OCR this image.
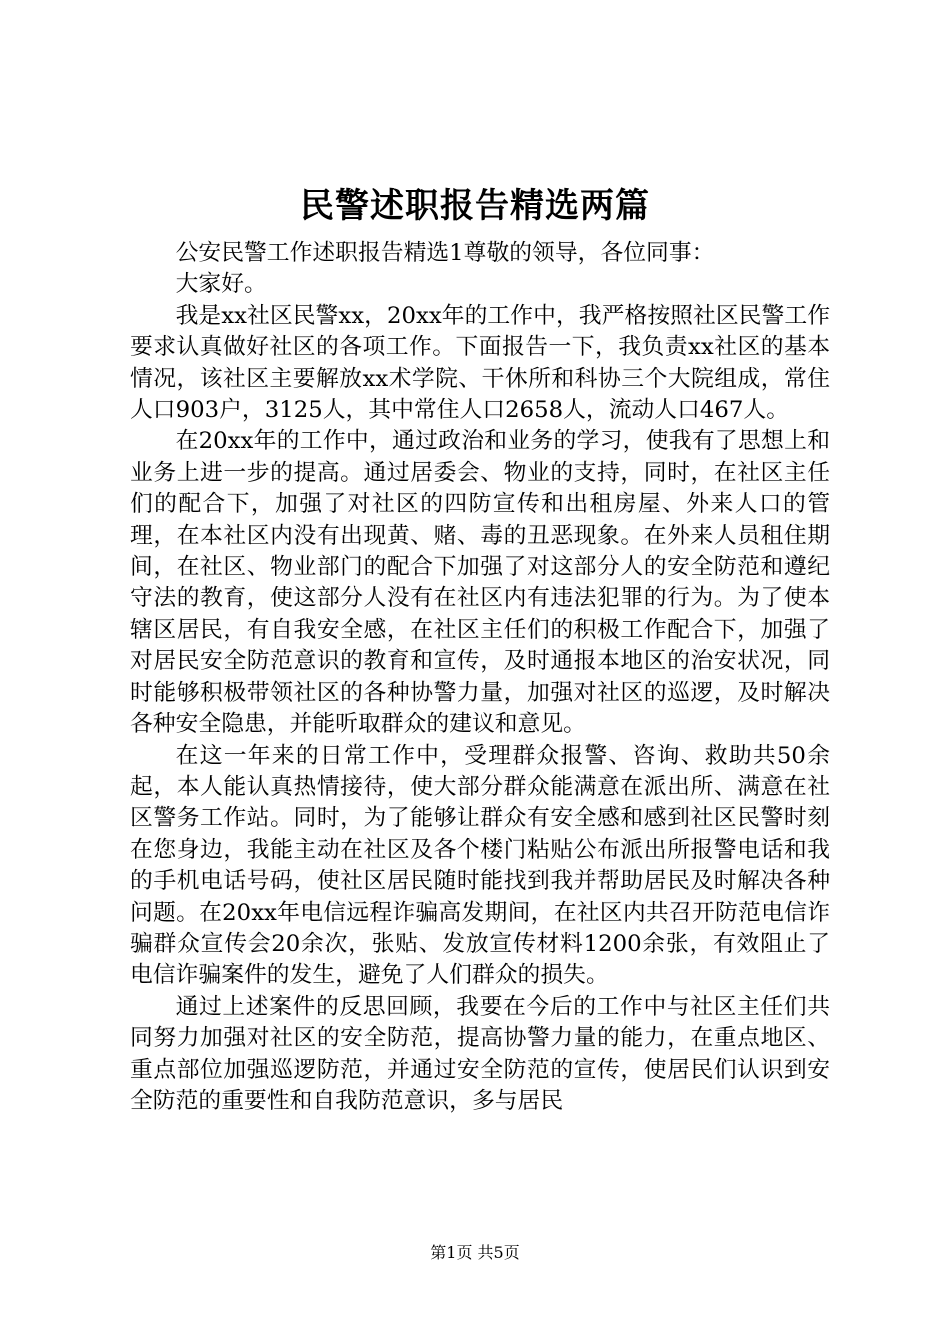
民警述职报告精选两篇

公安民警工作述职报告精选1尊敬的领导，各位同事：

大家好。

我是xx社区民警xx，20xx年的工作中，我严格按照社区民警工作要求认真做好社区的各项工作。下面报告一下，我负责xx社区的基本情况，该社区主要解放xx术学院、干休所和科协三个大院组成，常住人口903户，3125人，其中常住人口2658人，流动人口467人。

在20xx年的工作中，通过政治和业务的学习，使我有了思想上和业务上进一步的提高。通过居委会、物业的支持，同时，在社区主任们的配合下，加强了对社区的四防宣传和出租房屋、外来人口的管理，在本社区内没有出现黄、赌、毒的丑恶现象。在外来人员租住期间，在社区、物业部门的配合下加强了对这部分人的安全防范和遵纪守法的教育，使这部分人没有在社区内有违法犯罪的行为。为了使本辖区居民，有自我安全感，在社区主任们的积极工作配合下，加强了对居民安全防范意识的教育和宣传，及时通报本地区的治安状况，同时能够积极带领社区的各种协警力量，加强对社区的巡逻，及时解决各种安全隐患，并能听取群众的建议和意见。

在这一年来的日常工作中，受理群众报警、咨询、救助共50余起，本人能认真热情接待，使大部分群众能满意在派出所、满意在社区警务工作站。同时，为了能够让群众有安全感和感到社区民警时刻在您身边，我能主动在社区及各个楼门粘贴公布派出所报警电话和我的手机电话号码，使社区居民随时能找到我并帮助居民及时解决各种问题。在20xx年电信远程诈骗高发期间，在社区内共召开防范电信诈骗群众宣传会20余次，张贴、发放宣传材料1200余张，有效阻止了电信诈骗案件的发生，避免了人们群众的损失。

通过上述案件的反思回顾，我要在今后的工作中与社区主任们共同努力加强对社区的安全防范，提高协警力量的能力，在重点地区、重点部位加强巡逻防范，并通过安全防范的宣传，使居民们认识到安全防范的重要性和自我防范意识，多与居民

第1页 共5页
